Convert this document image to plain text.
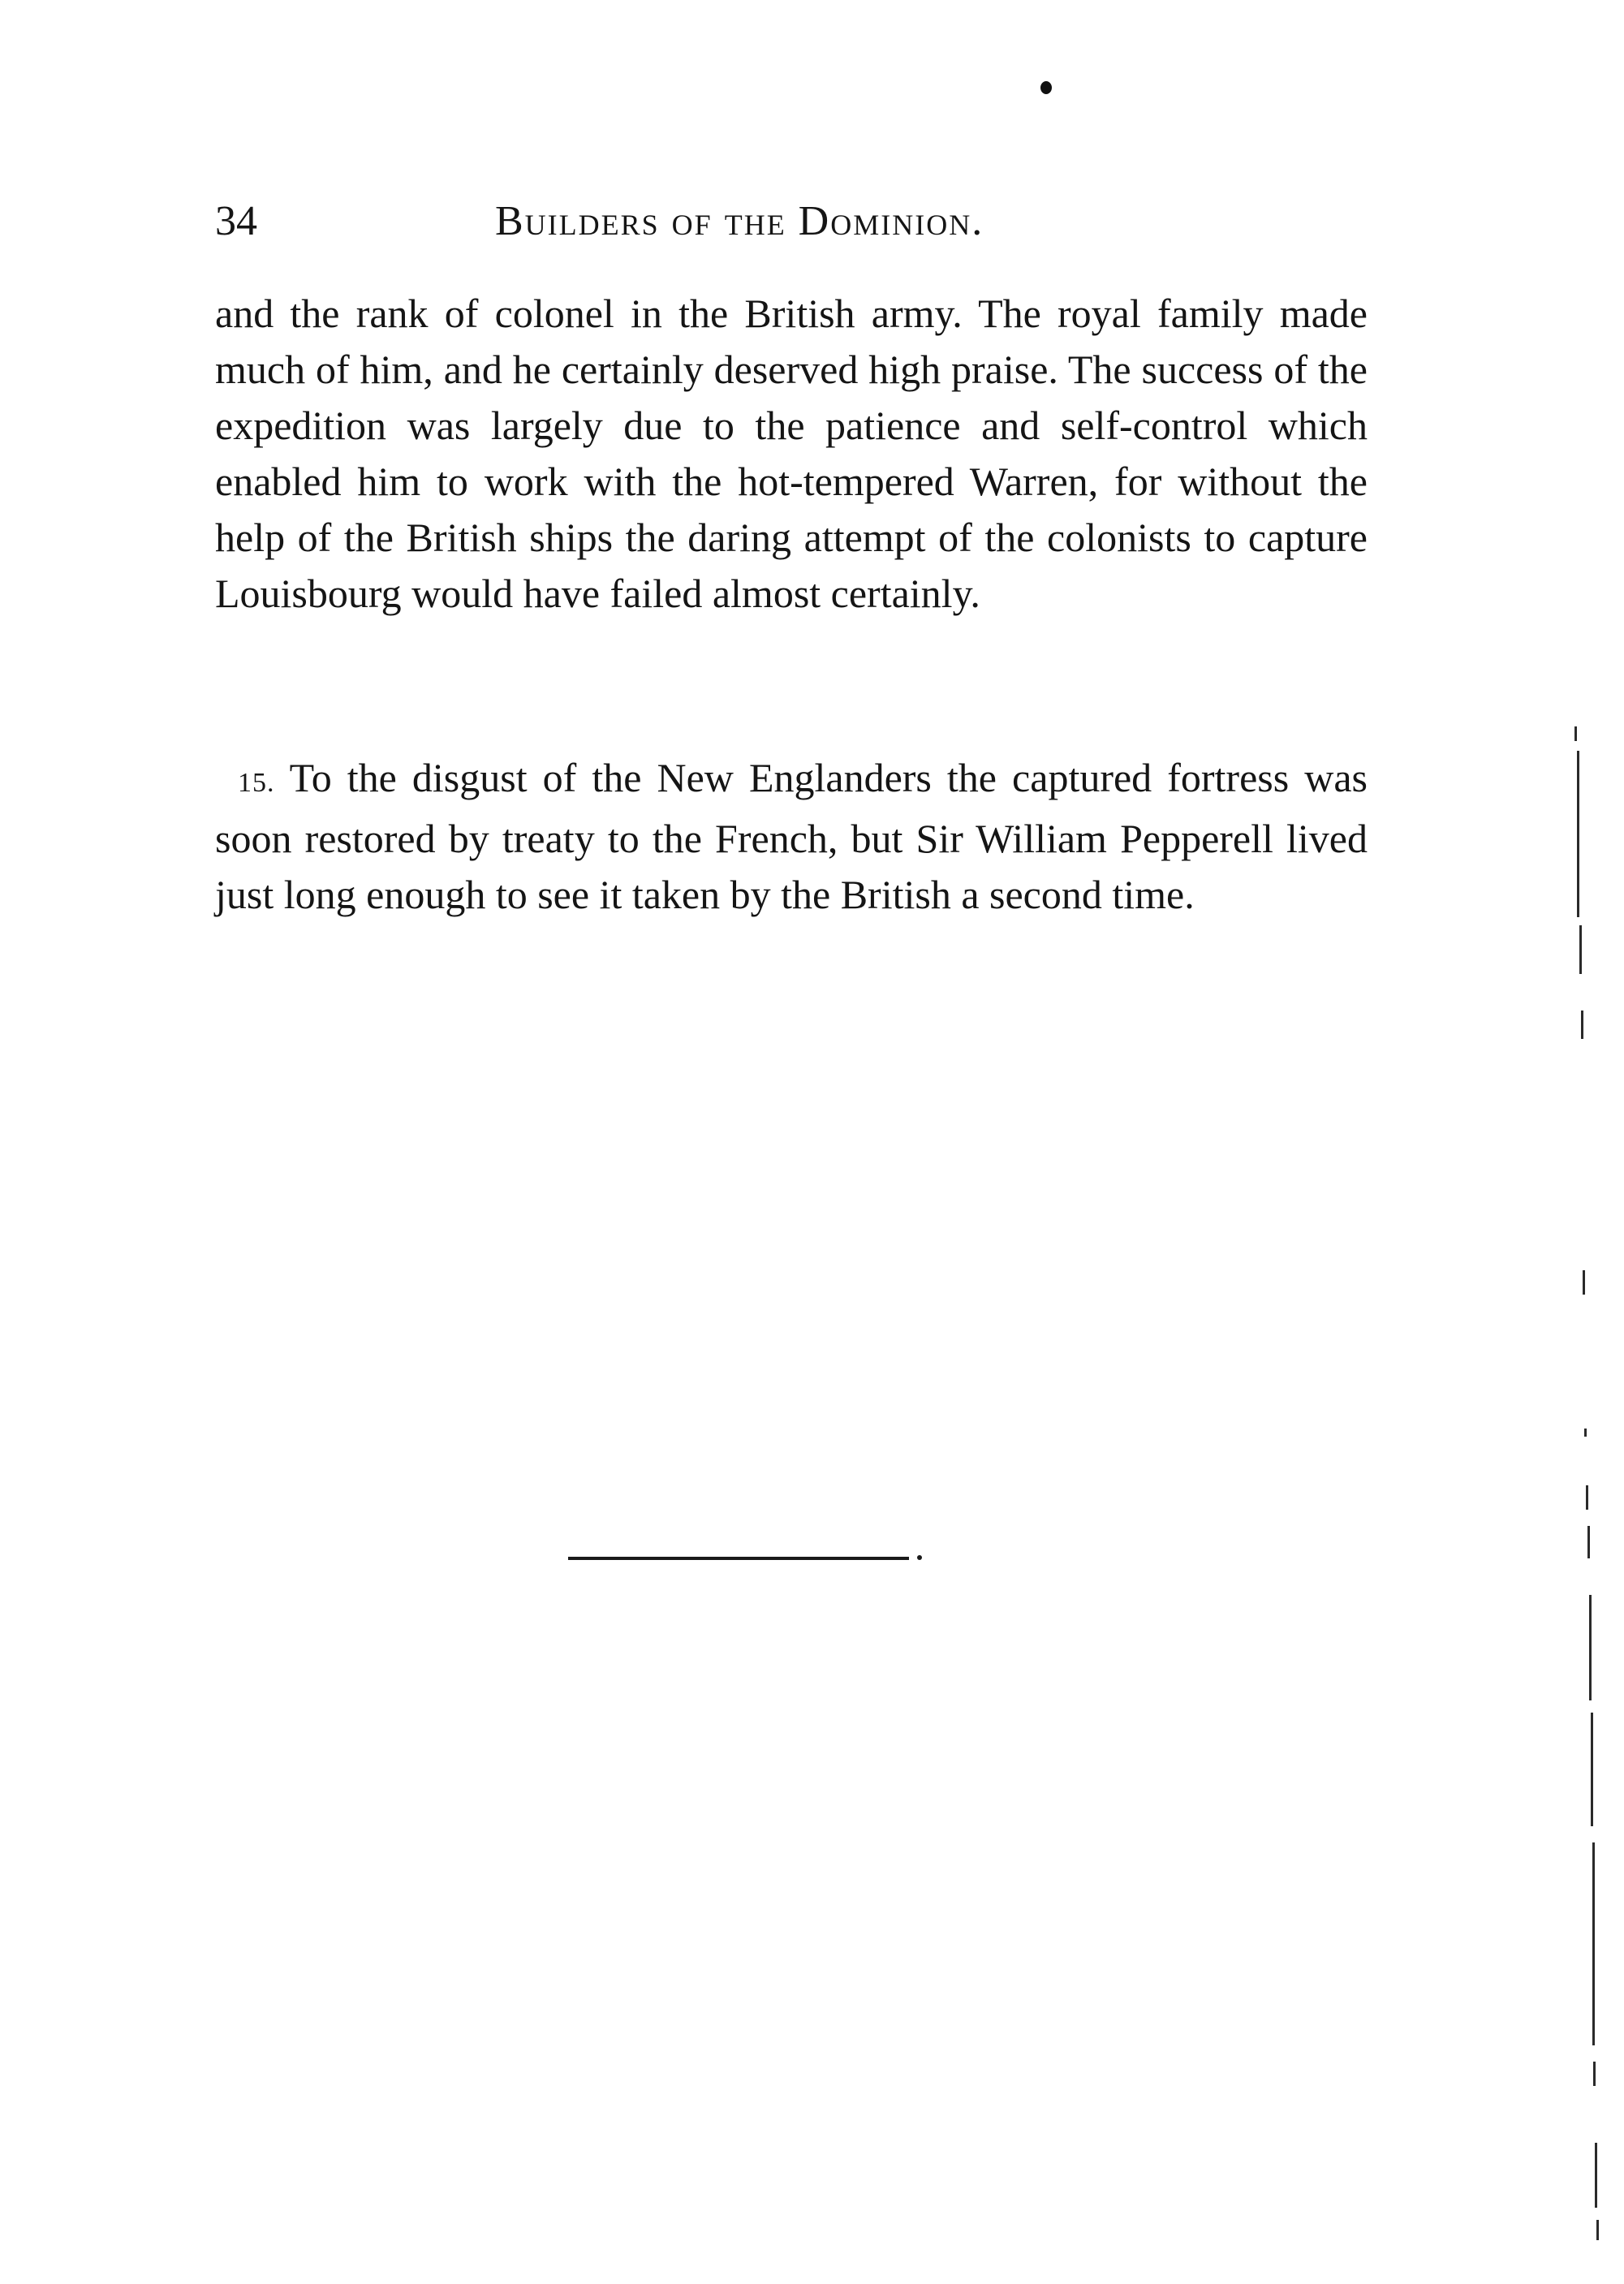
34	Builders of the Dominion.

and the rank of colonel in the British army. The royal family made much of him, and he certainly deserved high praise. The success of the expedition was largely due to the patience and self-control which enabled him to work with the hot-tempered Warren, for without the help of the British ships the daring attempt of the colonists to capture Louisbourg would have failed almost certainly.

15. To the disgust of the New Englanders the captured fortress was soon restored by treaty to the French, but Sir William Pepperell lived just long enough to see it taken by the British a second time.
